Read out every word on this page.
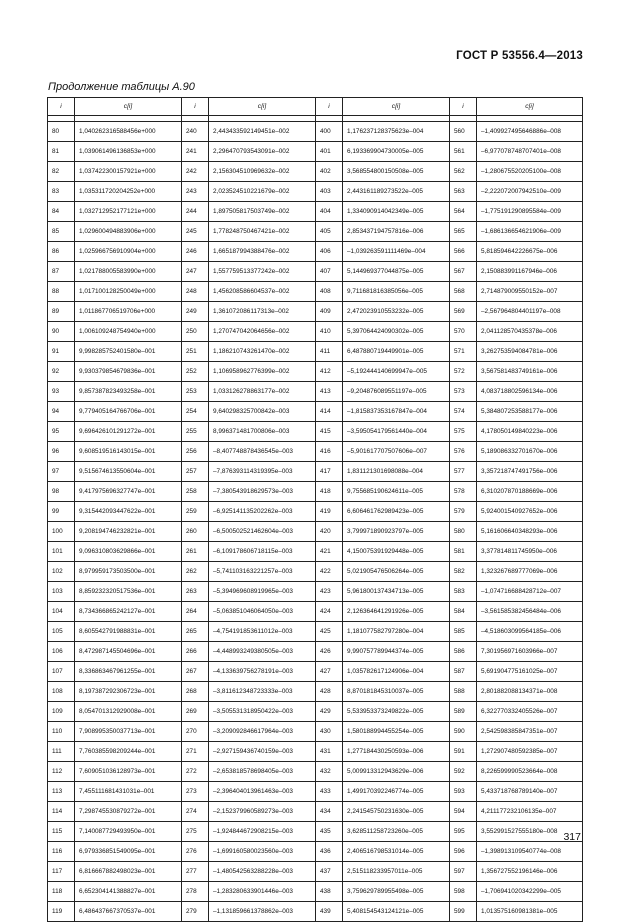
ГОСТ Р 53556.4—2013
Продолжение таблицы А.90
i	c[i]	i	c[i]	i	c[i]	i	c[i]

80	1,040262316588456e+000	240	2,443433592149451e–002	400	1,176237128375623e–004	560	–1,409927495646886e–008
81	1,039061496136853e+000	241	2,296470793543091e–002	401	6,193369904730005e–005	561	–6,977078748707401e–008
82	1,037422300157921e+000	242	2,156304510969632e–002	402	3,568554800150508e–005	562	–1,280675520205100e–008
83	1,035311720204252e+000	243	2,023524510221679e–002	403	2,443161189273522e–005	563	–2,222072007942510e–009
84	1,032712952177121e+000	244	1,897505817503749e–002	404	1,334090914042349e–005	564	–1,775191290895584e–009
85	1,029600494883906e+000	245	1,778248750467421e–002	405	2,853437194757816e–006	565	–1,686136654621906e–009
86	1,025966756910904e+000	246	1,665187994388476e–002	406	–1,039263591111469e–004	566	5,818594642226675e–006
87	1,021788005583990e+000	247	1,557759513377242e–002	407	5,144969377044875e–005	567	2,150883991167946e–006
88	1,017100128250049e+000	248	1,456208586604537e–002	408	9,711681816385056e–005	568	2,714879009550152e–007
89	1,011867706519706e+000	249	1,361072086117313e–002	409	2,472023910553232e–005	569	–2,567964804401197e–008
90	1,006109248754940e+000	250	1,270747042064656e–002	410	5,397064424090302e–005	570	2,041128570435378e–006
91	9,998285752401580e–001	251	1,186210743261470e–002	411	6,487880719449901e–005	571	3,262753594084781e–006
92	9,930379854679836e–001	252	1,106958962776399e–002	412	–5,192444140699947e–005	572	3,567581483749161e–006
93	9,857387823493258e–001	253	1,033126278863177e–002	413	–9,204876089551197e–005	573	4,083718802596134e–006
94	9,779405164766706e–001	254	9,640298325700842e–003	414	–1,815837353167847e–004	574	5,384807253588177e–006
95	9,696426101291272e–001	255	8,996371481700806e–003	415	–3,595054179561440e–004	575	4,178050149840223e–006
96	9,608519516143015e–001	256	–8,407748878436545e–003	416	–5,901617707507606e–007	576	5,189086332701670e–006
97	9,515674613550604e–001	257	–7,876393114319395e–003	417	1,831121301698088e–004	577	3,357218747491756e–006
98	9,417975696327747e–001	258	–7,380543918629573e–003	418	9,755685190624611e–005	578	6,310207870188669e–006
99	9,315442093447622e–001	259	–6,925141135202262e–003	419	6,606461762989423e–005	579	5,924001540927652e–006
100	9,208194746232821e–001	260	–6,500502521462604e–003	420	3,799971890923797e–005	580	5,161606640348293e–006
101	9,096310803629866e–001	261	–6,109178606718115e–003	421	4,150075391929448e–005	581	3,377814811745950e–006
102	8,979959173503500e–001	262	–5,741103163221257e–003	422	5,021905476506264e–005	582	1,323267689777069e–006
103	8,859232320517536e–001	263	–5,394969608919965e–003	423	5,961800137434713e–005	583	–1,074716688428712e–007
104	8,734366865242127e–001	264	–5,063851046064050e–003	424	2,126364641291926e–005	584	–3,561585382456484e–006
105	8,605542791988831e–001	265	–4,754191853611012e–003	425	1,181077582797280e–004	585	–4,518603099564185e–006
106	8,472987145504696e–001	266	–4,448993249380505e–003	426	9,990757789944374e–005	586	7,301956971603966e–007
107	8,336863467961255e–001	267	–4,133639756278191e–003	427	1,035782617124906e–004	587	5,691904775161025e–007
108	8,197387292306723e–001	268	–3,811612348723333e–003	428	8,870181845310037e–005	588	2,801882088134371e–008
109	8,054701312929008e–001	269	–3,505531318950422e–003	429	5,533953373249822e–005	589	6,322770332405526e–007
110	7,908995350037713e–001	270	–3,209092846617964e–003	430	1,580188994455254e–005	590	2,542598385847351e–007
111	7,760385598209244e–001	271	–2,927159436740159e–003	431	1,277184430250593e–006	591	1,272907480592385e–007
112	7,609051036128973e–001	272	–2,653818578698405e–003	432	5,009913312943629e–006	592	8,226599990523664e–008
113	7,455111681431031e–001	273	–2,396404013961463e–003	433	1,499170392246774e–005	593	5,433718768789140e–007
114	7,298745530879272e–001	274	–2,152379960589273e–003	434	2,241545750231630e–005	594	4,211177232106135e–007
115	7,140087729493950e–001	275	–1,924844672908215e–003	435	3,628511258723260e–005	595	3,552991527555180e–008
116	6,979336851549095e–001	276	–1,699160580023560e–003	436	2,406516798531014e–005	596	–1,398913109540774e–008
117	6,816667882498023e–001	277	–1,480542563288228e–003	437	2,515118233957011e–005	597	1,356727552196146e–006
118	6,652304141388827e–001	278	–1,283280633901446e–003	438	3,759629789955498e–005	598	–1,706941020342299e–005
119	6,486437667370537e–001	279	–1,131859661378862e–003	439	5,408154543124121e–005	599	1,013575160981381e–005
317
